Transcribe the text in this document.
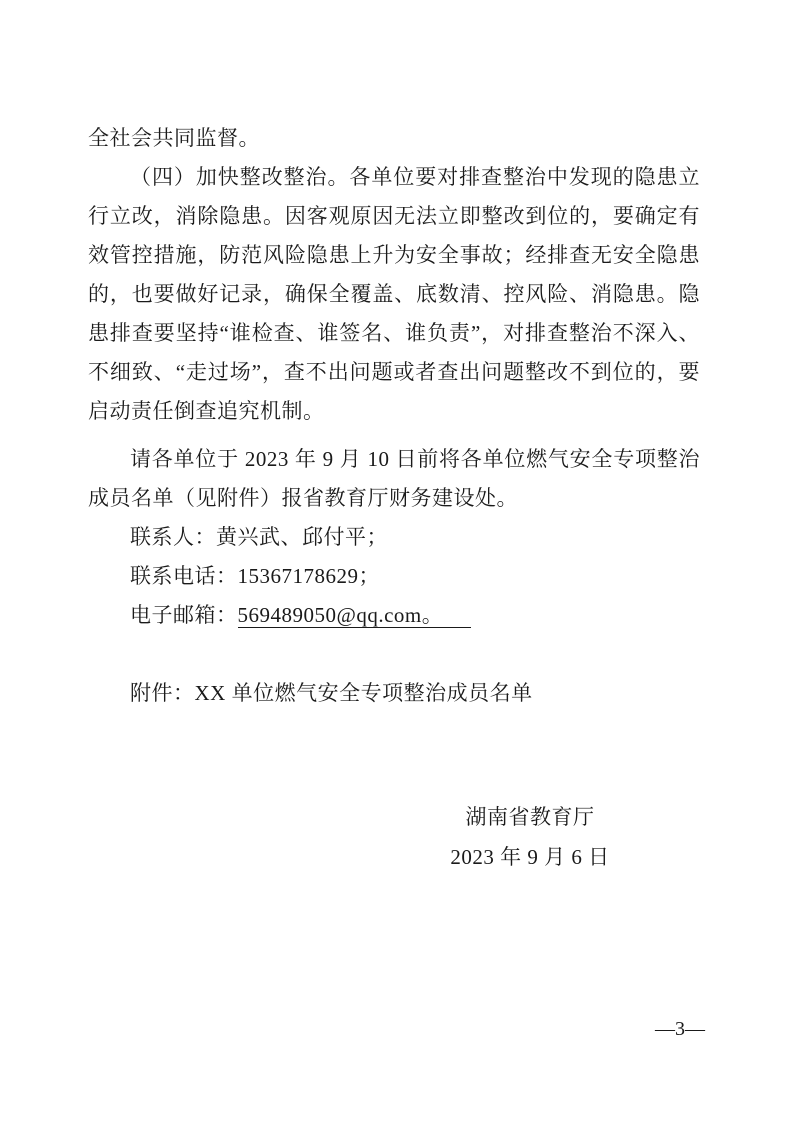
全社会共同监督。
（四）加快整改整治。各单位要对排查整治中发现的隐患立
行立改，消除隐患。因客观原因无法立即整改到位的，要确定有
效管控措施，防范风险隐患上升为安全事故；经排查无安全隐患
的，也要做好记录，确保全覆盖、底数清、控风险、消隐患。隐
患排查要坚持“谁检查、谁签名、谁负责”，对排查整治不深入、
不细致、“走过场”，查不出问题或者查出问题整改不到位的，要
启动责任倒查追究机制。
请各单位于 2023 年 9 月 10 日前将各单位燃气安全专项整治
成员名单（见附件）报省教育厅财务建设处。
联系人：黄兴武、邱付平；
联系电话：15367178629；
电子邮箱：569489050@qq.com。
附件：XX 单位燃气安全专项整治成员名单
湖南省教育厅
2023 年 9 月 6 日
—3—
